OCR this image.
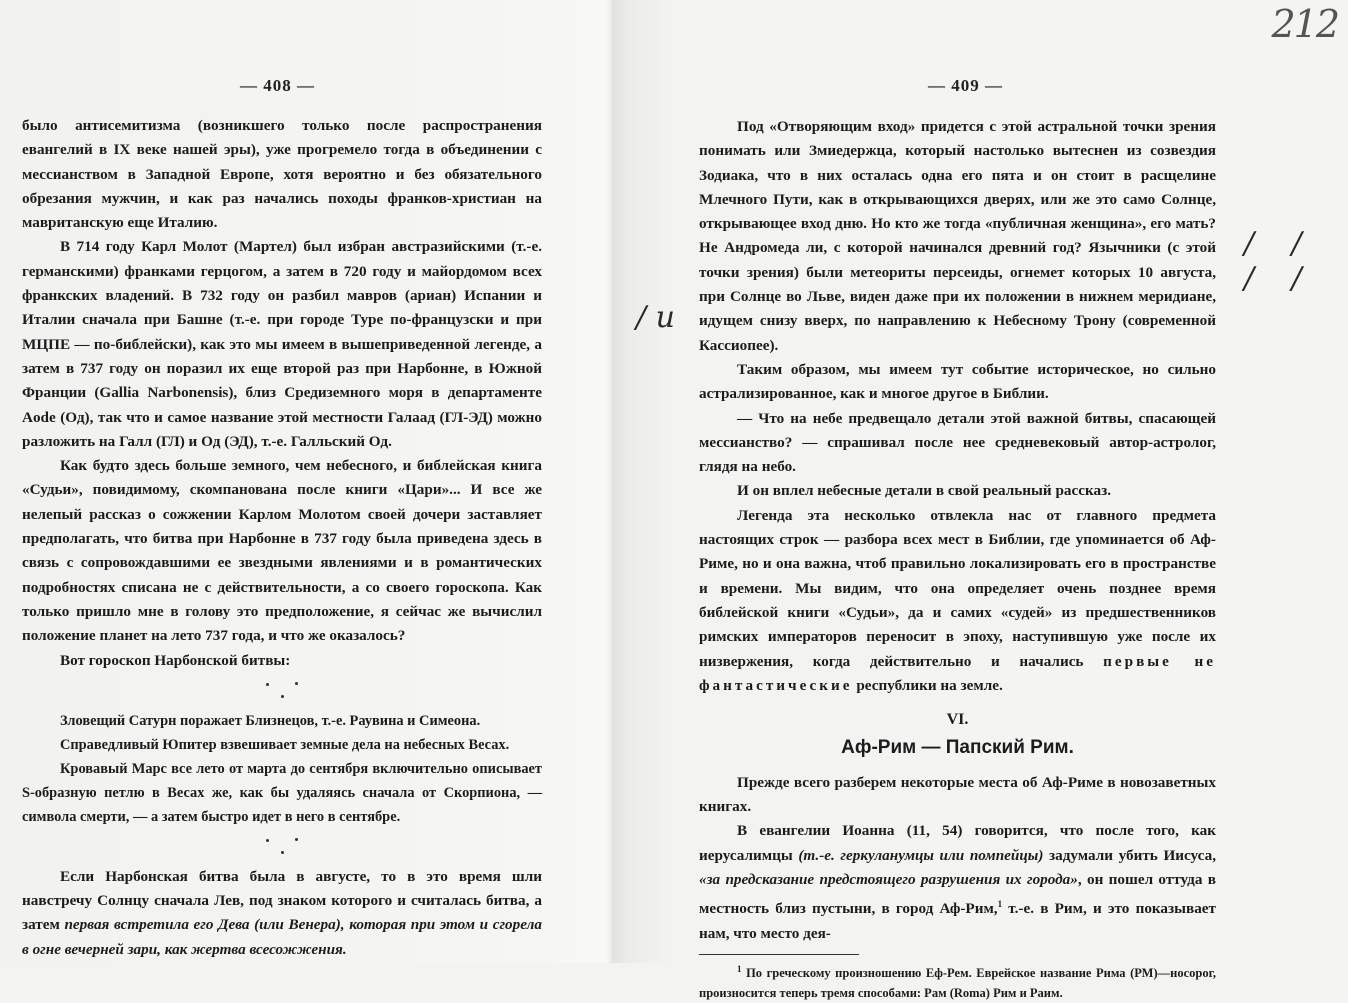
— 408 —

было антисемитизма (возникшего только после распространения евангелий в IX веке нашей эры), уже прогремело тогда в объединении с мессианством в Западной Европе, хотя вероятно и без обязательного обрезания мужчин, и как раз начались походы франков-христиан на мавританскую еще Италию.

В 714 году Карл Молот (Мартел) был избран австразийскими (т.-е. германскими) франками герцогом, а затем в 720 году и майордомом всех франкских владений. В 732 году он разбил мавров (ариан) Испании и Италии сначала при Башне (т.-е. при городе Туре по-французски и при МЦПЕ — по-библейски), как это мы имеем в вышеприведенной легенде, а затем в 737 году он поразил их еще второй раз при Нарбонне, в Южной Франции (Gallia Narbonensis), близ Средиземного моря в департаменте Aode (Од), так что и самое название этой местности Галаад (ГЛ-ЭД) можно разложить на Галл (ГЛ) и Од (ЭД), т.-е. Галльский Од.

Как будто здесь больше земного, чем небесного, и библейская книга «Судьи», повидимому, скомпанована после книги «Цари»... И все же нелепый рассказ о сожжении Карлом Молотом своей дочери заставляет предполагать, что битва при Нарбонне в 737 году была приведена здесь в связь с сопровождавшими ее звездными явлениями и в романтических подробностях списана не с действительности, а со своего гороскопа. Как только пришло мне в голову это предположение, я сейчас же вычислил положение планет на лето 737 года, и что же оказалось?

Вот гороскоп Нарбонской битвы:

Зловещий Сатурн поражает Близнецов, т.-е. Раувина и Симеона.

Справедливый Юпитер взвешивает земные дела на небесных Весах.

Кровавый Марс все лето от марта до сентября включительно описывает S-образную петлю в Весах же, как бы удаляясь сначала от Скорпиона, — символа смерти, — а затем быстро идет в него в сентябре.

Если Нарбонская битва была в августе, то в это время шли навстречу Солнцу сначала Лев, под знаком которого и считалась битва, а затем первая встретила его Дева (или Венера), которая при этом и сгорела в огне вечерней зари, как жертва всесожжения.

212
/ и
/ / / /
— 409 —

Под «Отворяющим вход» придется с этой астральной точки зрения понимать или Змиедержца, который настолько вытеснен из созвездия Зодиака, что в них осталась одна его пята и он стоит в расщелине Млечного Пути, как в открывающихся дверях, или же это само Солнце, открывающее вход дню. Но кто же тогда «публичная женщина», его мать? Не Андромеда ли, с которой начинался древний год? Язычники (с этой точки зрения) были метеориты персеиды, огнемет которых 10 августа, при Солнце во Льве, виден даже при их положении в нижнем меридиане, идущем снизу вверх, по направлению к Небесному Трону (современной Кассиопее).

Таким образом, мы имеем тут событие историческое, но сильно астрализированное, как и многое другое в Библии.

— Что на небе предвещало детали этой важной битвы, спасающей мессианство? — спрашивал после нее средневековый автор-астролог, глядя на небо.

И он вплел небесные детали в свой реальный рассказ.

Легенда эта несколько отвлекла нас от главного предмета настоящих строк — разбора всех мест в Библии, где упоминается об Аф-Риме, но и она важна, чтоб правильно локализировать его в пространстве и времени. Мы видим, что она определяет очень позднее время библейской книги «Судьи», да и самих «судей» из предшественников римских императоров переносит в эпоху, наступившую уже после их низвержения, когда действительно и начались первые не фантастические республики на земле.

VI.
Аф-Рим — Папский Рим.

Прежде всего разберем некоторые места об Аф-Риме в новозаветных книгах.

В евангелии Иоанна (11, 54) говорится, что после того, как иерусалимцы (т.-е. геркуланумцы или помпейцы) задумали убить Иисуса, «за предсказание предстоящего разрушения их города», он пошел оттуда в местность близ пустыни, в город Аф-Рим,$^1$ т.-е. в Рим, и это показывает нам, что место дея-

$^1$ По греческому произношению Еф-Рем. Еврейское название Рима (РМ)—носорог, произносится теперь тремя способами: Рам (Roma) Рим и Раим.
